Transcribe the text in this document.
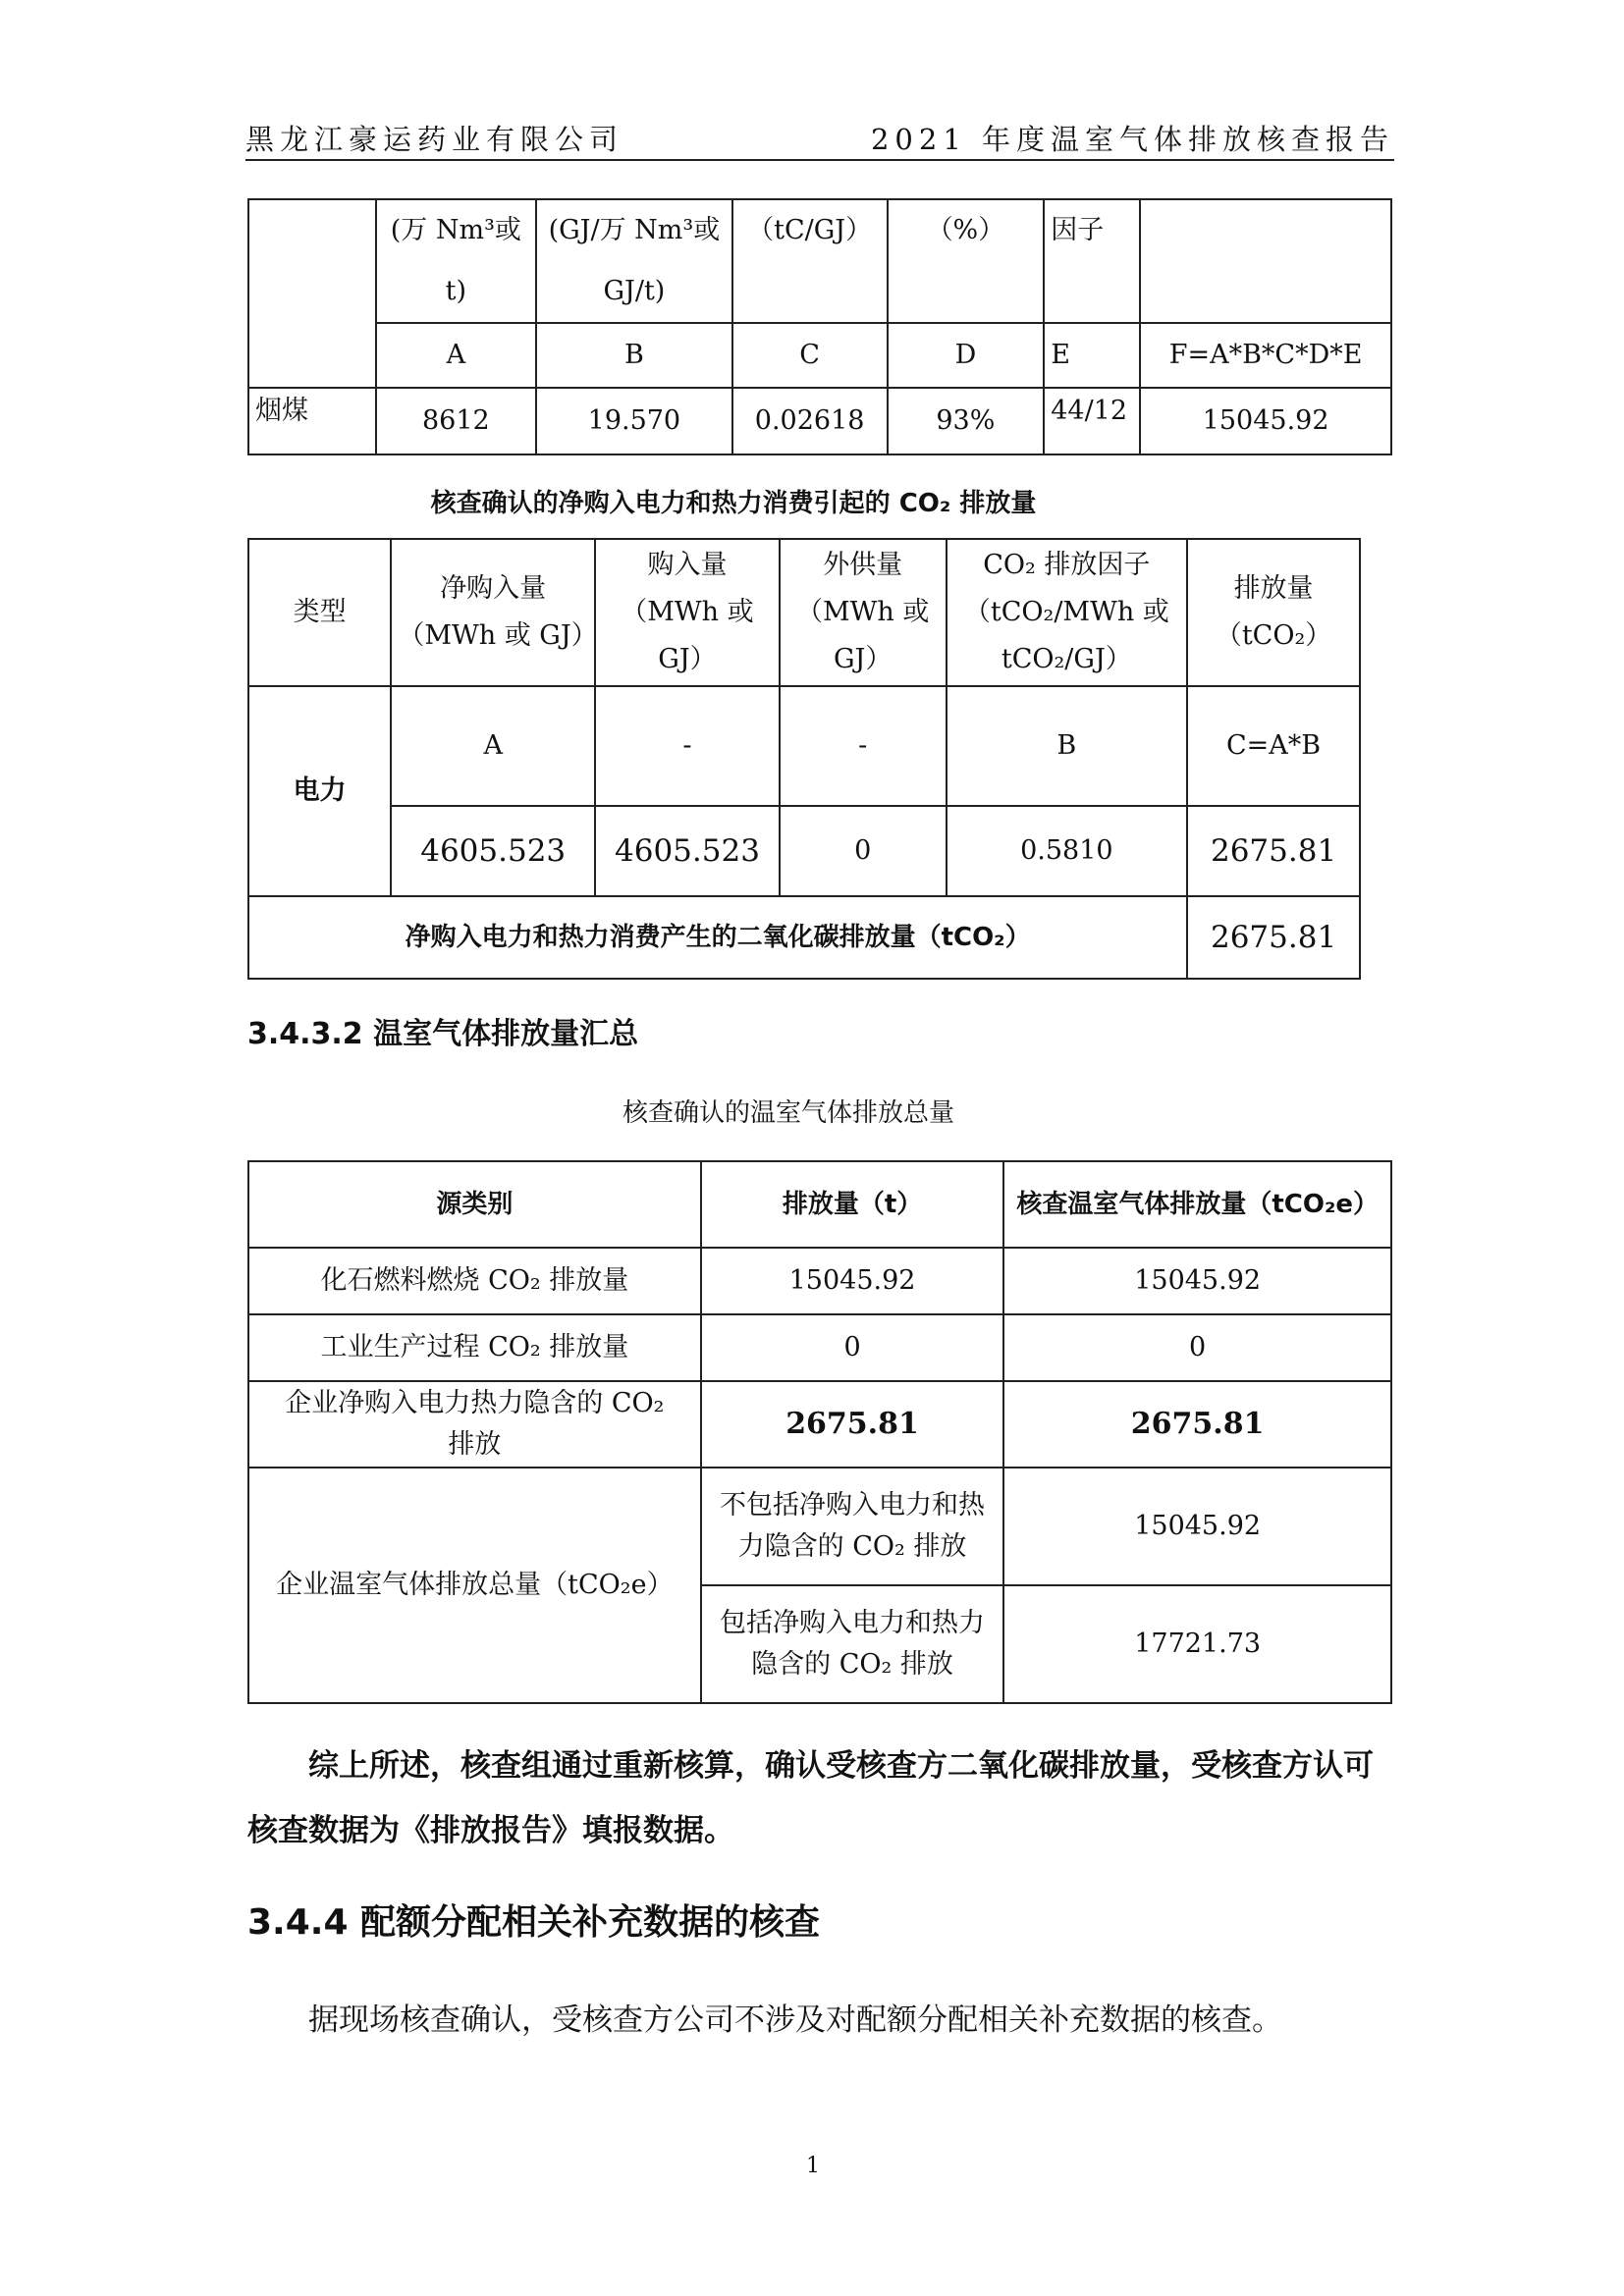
黑龙江豪运药业有限公司	2021 年度温室气体排放核查报告
	(万 Nm³或 t)	(GJ/万 Nm³或 GJ/t)	（tC/GJ）	（%）	因子	
	A	B	C	D	E	F=A*B*C*D*E
烟煤	8612	19.570	0.02618	93%	44/12	15045.92
核查确认的净购入电力和热力消费引起的 CO₂ 排放量
类型	净购入量（MWh 或 GJ）	购入量（MWh 或 GJ）	外供量（MWh 或 GJ）	CO₂ 排放因子（tCO₂/MWh 或 tCO₂/GJ）	排放量（tCO₂）
电力	A	-	-	B	C=A*B
	4605.523	4605.523	0	0.5810	2675.81
净购入电力和热力消费产生的二氧化碳排放量（tCO₂）					2675.81
3.4.3.2 温室气体排放量汇总
核查确认的温室气体排放总量
源类别	排放量（t）	核查温室气体排放量（tCO₂e）
化石燃料燃烧 CO₂ 排放量	15045.92	15045.92
工业生产过程 CO₂ 排放量	0	0
企业净购入电力热力隐含的 CO₂ 排放	2675.81	2675.81
企业温室气体排放总量（tCO₂e）	不包括净购入电力和热力隐含的 CO₂ 排放	15045.92
	包括净购入电力和热力隐含的 CO₂ 排放	17721.73
综上所述，核查组通过重新核算，确认受核查方二氧化碳排放量，受核查方认可核查数据为《排放报告》填报数据。
3.4.4 配额分配相关补充数据的核查
据现场核查确认，受核查方公司不涉及对配额分配相关补充数据的核查。
1
